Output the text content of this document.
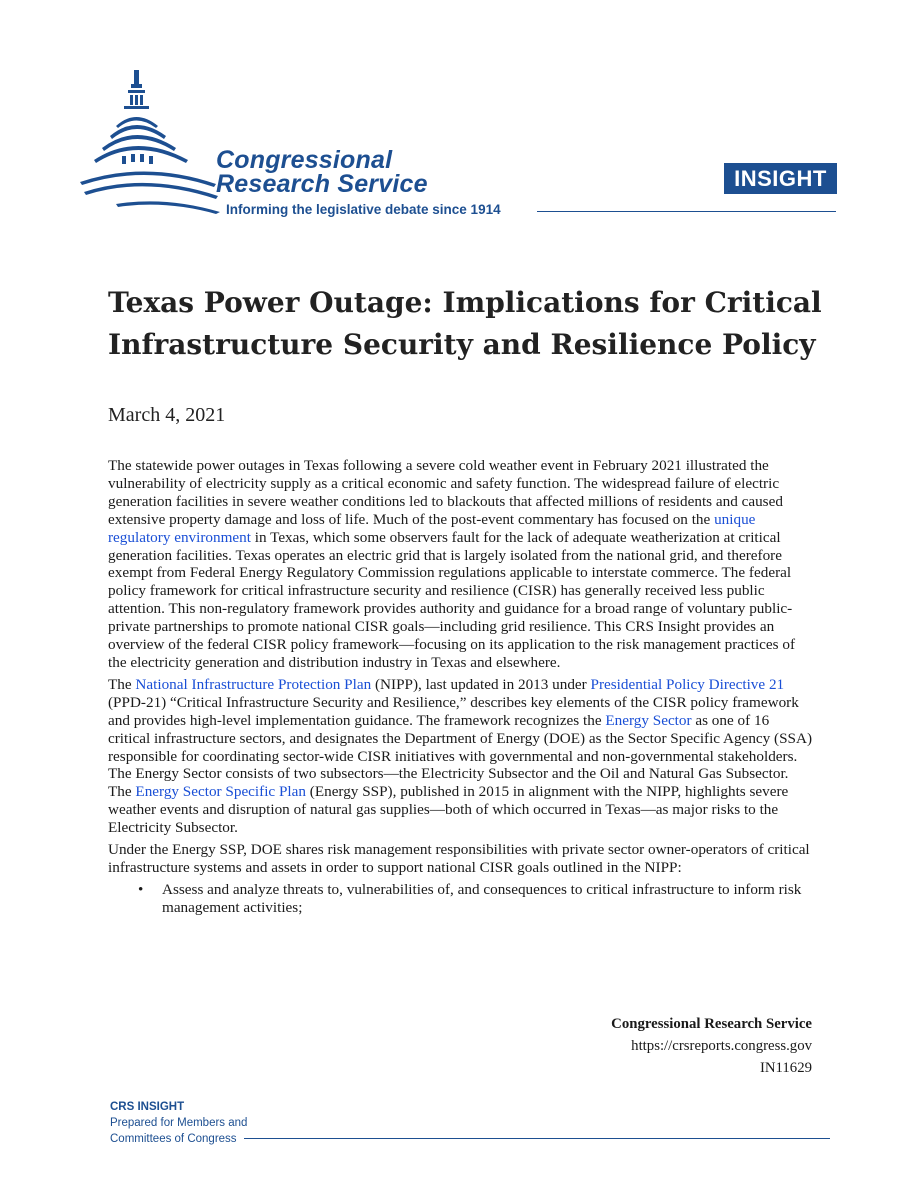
Congressional
Research Service
Informing the legislative debate since 1914
INSIGHT
Texas Power Outage: Implications for Critical Infrastructure Security and Resilience Policy
March 4, 2021

The statewide power outages in Texas following a severe cold weather event in February 2021 illustrated the vulnerability of electricity supply as a critical economic and safety function. The widespread failure of electric generation facilities in severe weather conditions led to blackouts that affected millions of residents and caused extensive property damage and loss of life. Much of the post-event commentary has focused on the unique regulatory environment in Texas, which some observers fault for the lack of adequate weatherization at critical generation facilities. Texas operates an electric grid that is largely isolated from the national grid, and therefore exempt from Federal Energy Regulatory Commission regulations applicable to interstate commerce. The federal policy framework for critical infrastructure security and resilience (CISR) has generally received less public attention. This non-regulatory framework provides authority and guidance for a broad range of voluntary public-private partnerships to promote national CISR goals—including grid resilience. This CRS Insight provides an overview of the federal CISR policy framework—focusing on its application to the risk management practices of the electricity generation and distribution industry in Texas and elsewhere.

The National Infrastructure Protection Plan (NIPP), last updated in 2013 under Presidential Policy Directive 21 (PPD-21) “Critical Infrastructure Security and Resilience,” describes key elements of the CISR policy framework and provides high-level implementation guidance. The framework recognizes the Energy Sector as one of 16 critical infrastructure sectors, and designates the Department of Energy (DOE) as the Sector Specific Agency (SSA) responsible for coordinating sector-wide CISR initiatives with governmental and non-governmental stakeholders. The Energy Sector consists of two subsectors—the Electricity Subsector and the Oil and Natural Gas Subsector. The Energy Sector Specific Plan (Energy SSP), published in 2015 in alignment with the NIPP, highlights severe weather events and disruption of natural gas supplies—both of which occurred in Texas—as major risks to the Electricity Subsector.

Under the Energy SSP, DOE shares risk management responsibilities with private sector owner-operators of critical infrastructure systems and assets in order to support national CISR goals outlined in the NIPP:

• Assess and analyze threats to, vulnerabilities of, and consequences to critical infrastructure to inform risk management activities;
Congressional Research Service
https://crsreports.congress.gov
IN11629
CRS INSIGHT
Prepared for Members and
Committees of Congress
